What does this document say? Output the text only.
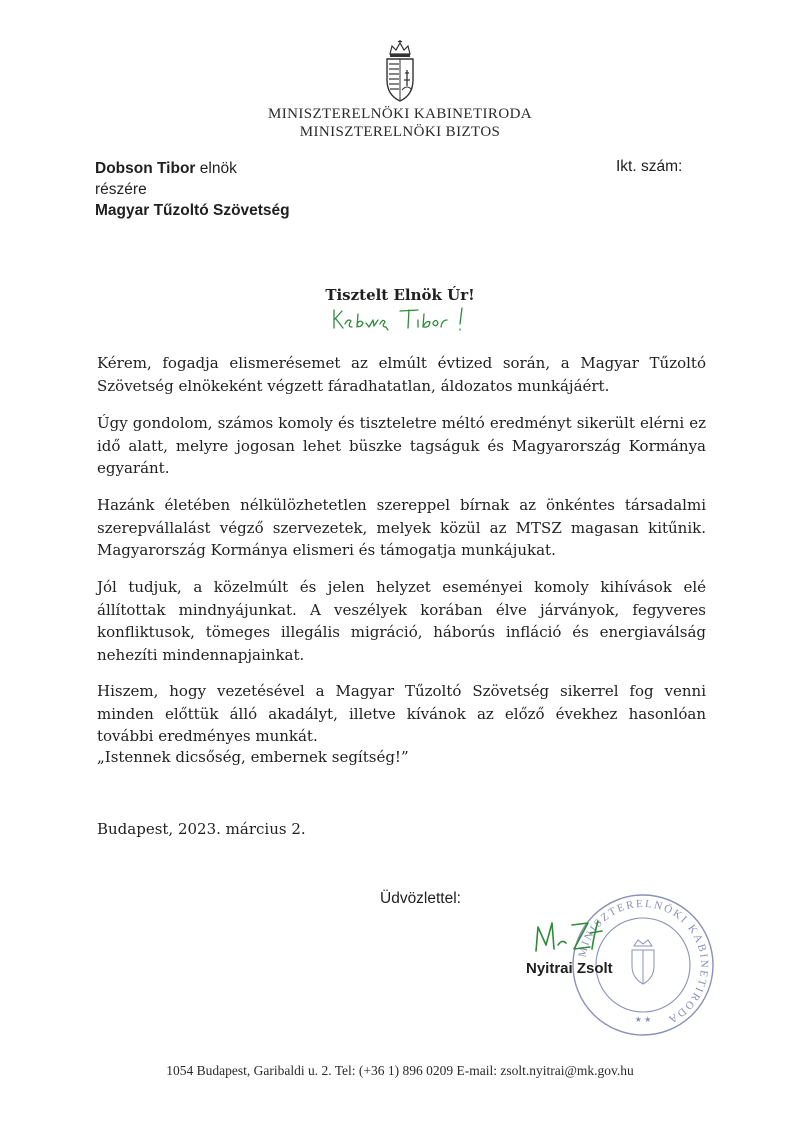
MINISZTERELNÖKI KABINETIRODA
MINISZTERELNÖKI BIZTOS
Dobson Tibor elnök
részére
Magyar Tűzoltó Szövetség
Ikt. szám:
Tisztelt Elnök Úr!
Kérem, fogadja elismerésemet az elmúlt évtized során, a Magyar Tűzoltó Szövetség elnökeként végzett fáradhatatlan, áldozatos munkájáért.
Úgy gondolom, számos komoly és tiszteletre méltó eredményt sikerült elérni ez idő alatt, melyre jogosan lehet büszke tagságuk és Magyarország Kormánya egyaránt.
Hazánk életében nélkülözhetetlen szereppel bírnak az önkéntes társadalmi szerepvállalást végző szervezetek, melyek közül az MTSZ magasan kitűnik. Magyarország Kormánya elismeri és támogatja munkájukat.
Jól tudjuk, a közelmúlt és jelen helyzet eseményei komoly kihívások elé állítottak mindnyájunkat. A veszélyek korában élve járványok, fegyveres konfliktusok, tömeges illegális migráció, háborús infláció és energiaválság nehezíti mindennapjainkat.
Hiszem, hogy vezetésével a Magyar Tűzoltó Szövetség sikerrel fog venni minden előttük álló akadályt, illetve kívánok az előző évekhez hasonlóan további eredményes munkát.
„Istennek dicsőség, embernek segítség!”
Budapest, 2023. március 2.
Üdvözlettel:
MINISZTERELNÖKI KABINETIRODA
★ ★
Nyitrai Zsolt
1054 Budapest, Garibaldi u. 2. Tel: (+36 1) 896 0209 E-mail: zsolt.nyitrai@mk.gov.hu
